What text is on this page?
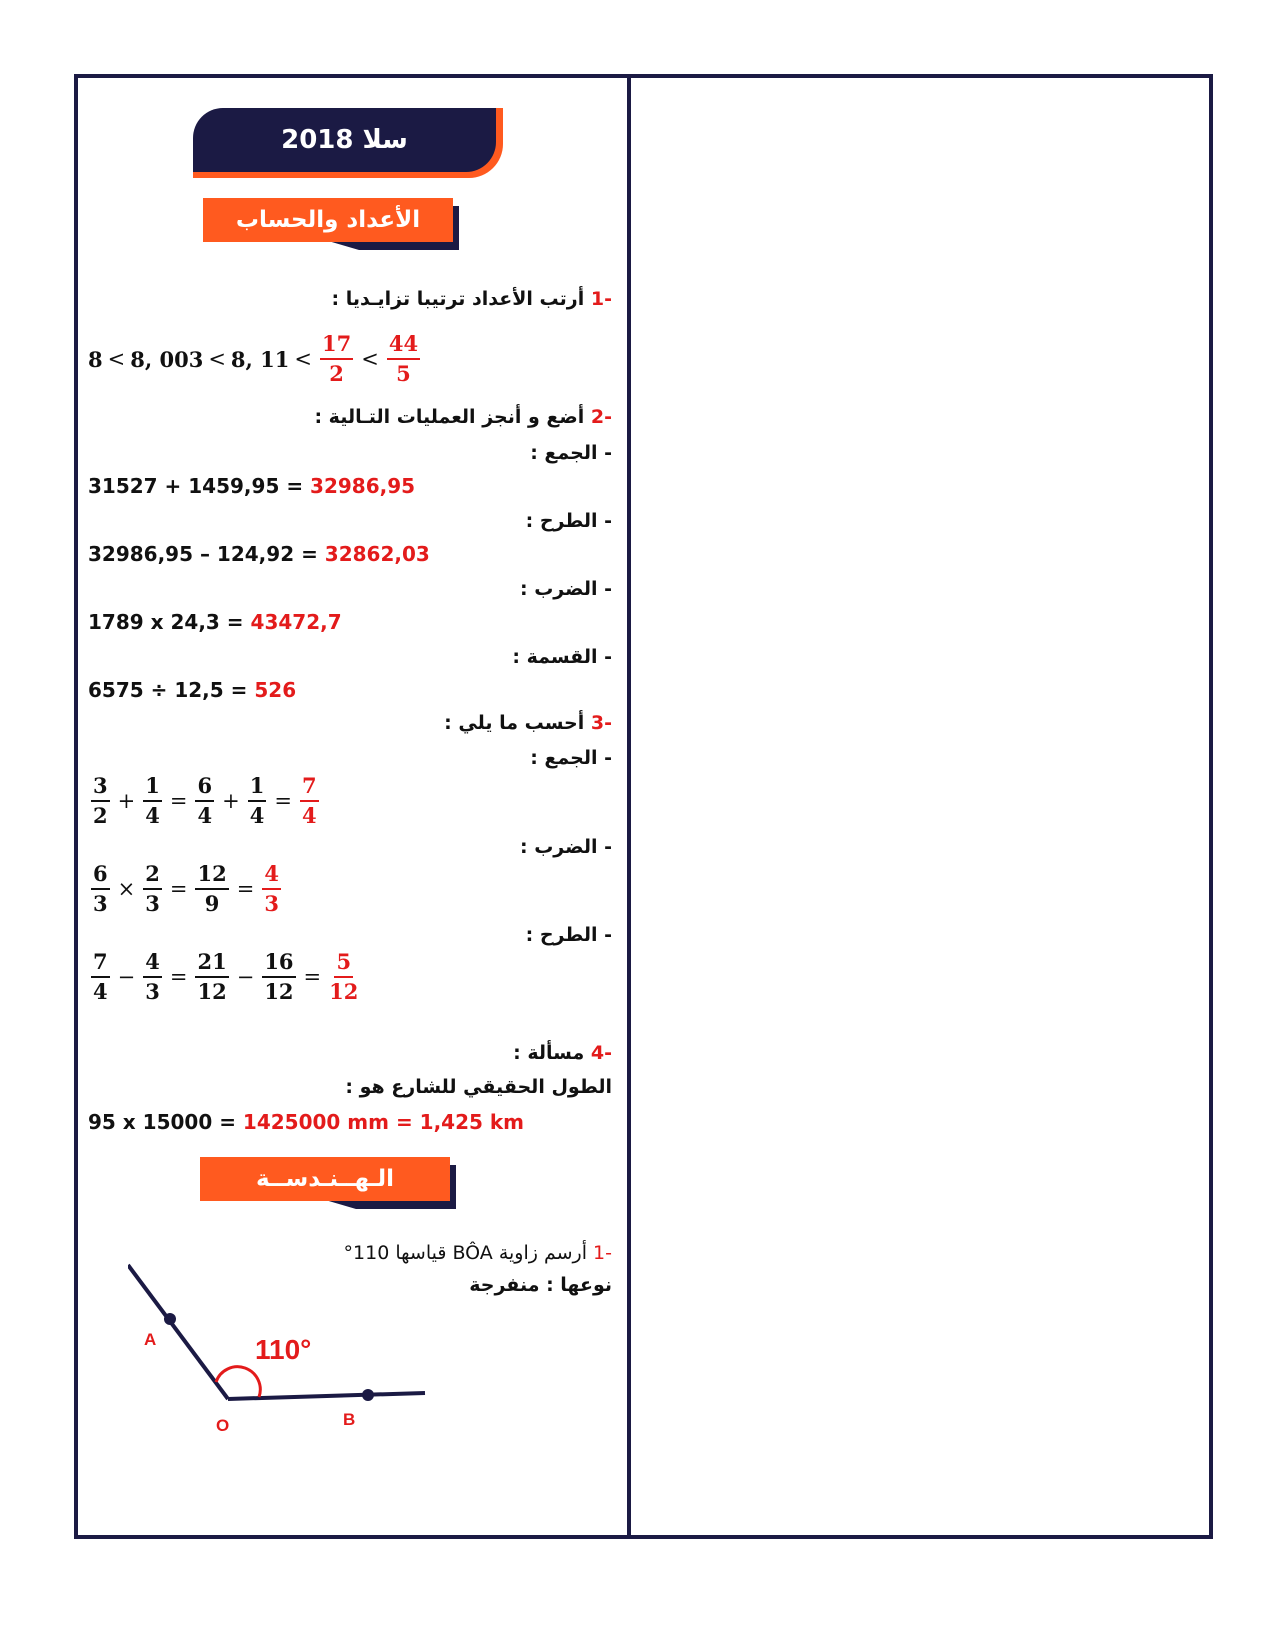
سلا 2018
الأعداد والحساب
-1 أرتب الأعداد ترتيبا تزايـديا :
8 < 8, 003 < 8, $11 < \frac{17}{2} < \frac{44}{5}$
-2 أضع و أنجز العمليات التـالية :
- الجمع :
31527 + 1459,95 = 32986,95
- الطرح :
32986,95 – 124,92 = 32862,03
- الضرب :
1789 x 24,3 = 43472,7
- القسمة :
6575 ÷ 12,5 = 526
-3 أحسب ما يلي :
- الجمع :
$\frac{3}{2} + \frac{1}{4} = \frac{6}{4} + \frac{1}{4} = \frac{7}{4}$
- الضرب :
$\frac{6}{3} \times \frac{2}{3} = \frac{12}{9} = \frac{4}{3}$
- الطرح :
$\frac{7}{4} - \frac{4}{3} = \frac{21}{12} - \frac{16}{12} = \frac{5}{12}$
-4 مسألة :
الطول الحقيقي للشارع هو :
95 x 15000 = 1425000 mm = 1,425 km
الـهــنـدســة
-1 أرسم زاوية BÔA قياسها 110°
نوعها : منفرجة
110°
A
O	B
